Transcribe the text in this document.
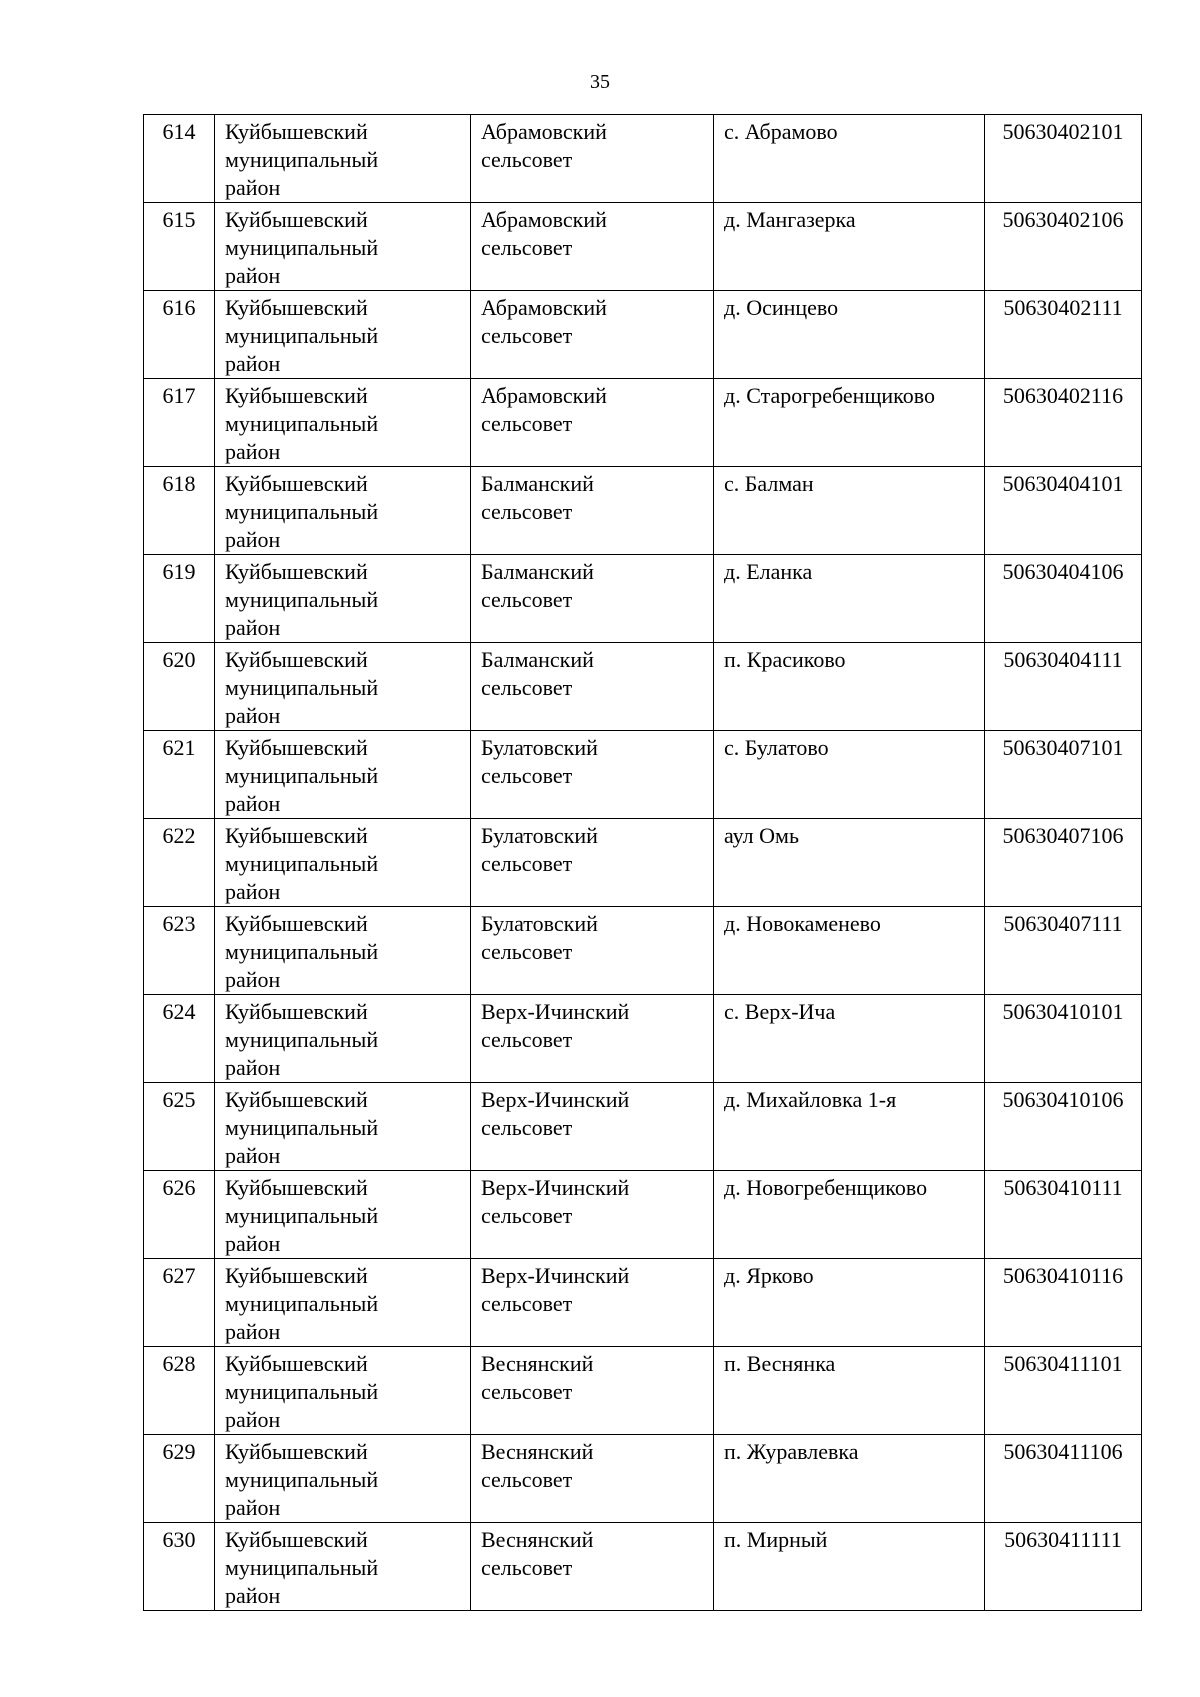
35
614	Куйбышевский
муниципальный
район	Абрамовский
сельсовет	с. Абрамово	50630402101

615	Куйбышевский
муниципальный
район	Абрамовский
сельсовет	д. Мангазерка	50630402106

616	Куйбышевский
муниципальный
район	Абрамовский
сельсовет	д. Осинцево	50630402111

617	Куйбышевский
муниципальный
район	Абрамовский
сельсовет	д. Старогребенщиково	50630402116

618	Куйбышевский
муниципальный
район	Балманский
сельсовет	с. Балман	50630404101

619	Куйбышевский
муниципальный
район	Балманский
сельсовет	д. Еланка	50630404106

620	Куйбышевский
муниципальный
район	Балманский
сельсовет	п. Красиково	50630404111

621	Куйбышевский
муниципальный
район	Булатовский
сельсовет	с. Булатово	50630407101

622	Куйбышевский
муниципальный
район	Булатовский
сельсовет	аул Омь	50630407106

623	Куйбышевский
муниципальный
район	Булатовский
сельсовет	д. Новокаменево	50630407111

624	Куйбышевский
муниципальный
район	Верх-Ичинский
сельсовет	с. Верх-Ича	50630410101

625	Куйбышевский
муниципальный
район	Верх-Ичинский
сельсовет	д. Михайловка 1-я	50630410106

626	Куйбышевский
муниципальный
район	Верх-Ичинский
сельсовет	д. Новогребенщиково	50630410111

627	Куйбышевский
муниципальный
район	Верх-Ичинский
сельсовет	д. Ярково	50630410116

628	Куйбышевский
муниципальный
район	Веснянский
сельсовет	п. Веснянка	50630411101

629	Куйбышевский
муниципальный
район	Веснянский
сельсовет	п. Журавлевка	50630411106

630	Куйбышевский
муниципальный
район	Веснянский
сельсовет	п. Мирный	50630411111
